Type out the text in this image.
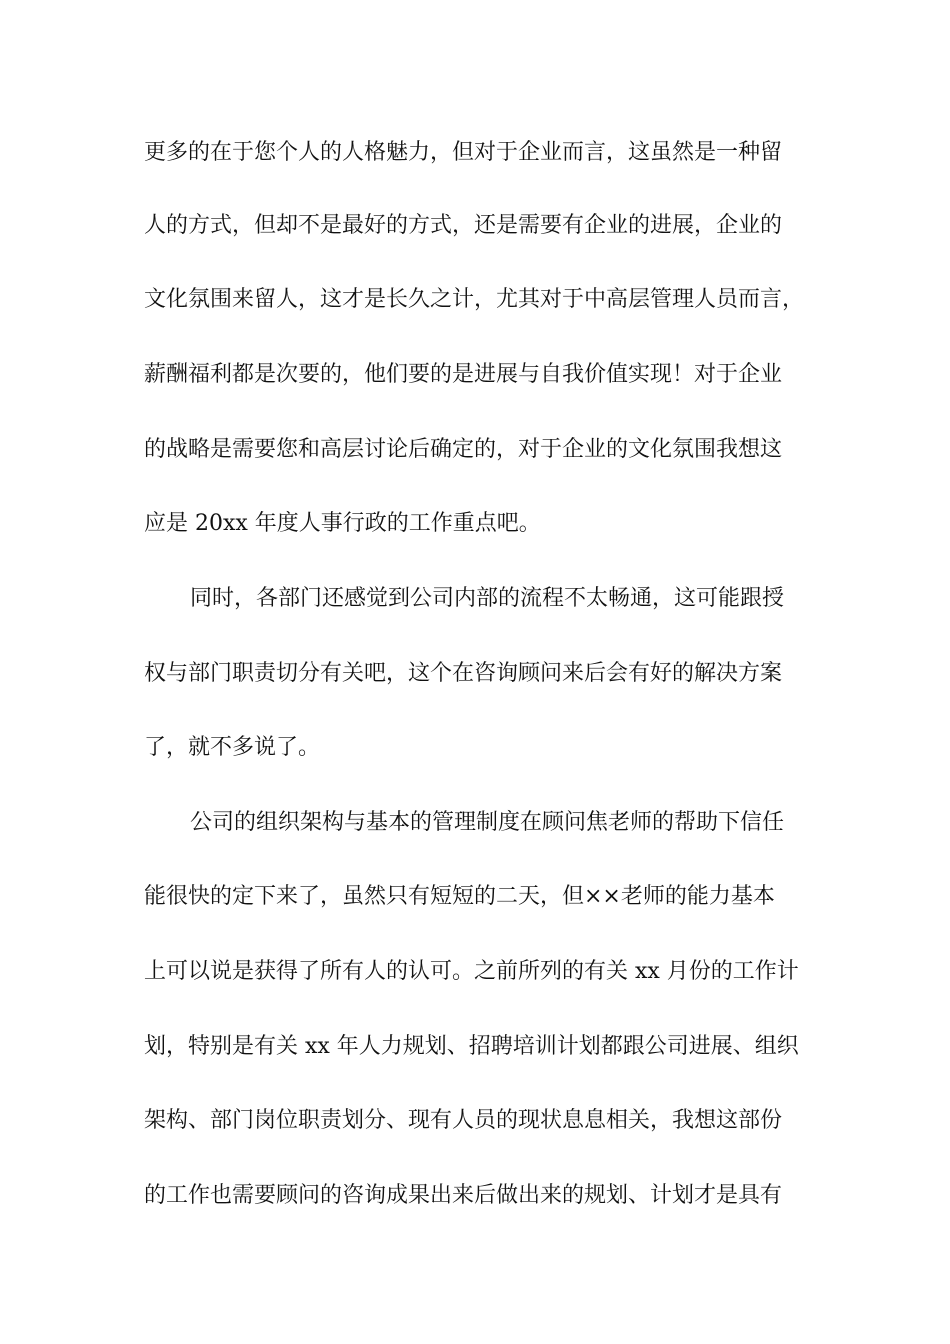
更多的在于您个人的人格魅力，但对于企业而言，这虽然是一种留
人的方式，但却不是最好的方式，还是需要有企业的进展，企业的
文化氛围来留人，这才是长久之计，尤其对于中高层管理人员而言，
薪酬福利都是次要的，他们要的是进展与自我价值实现！对于企业
的战略是需要您和高层讨论后确定的，对于企业的文化氛围我想这
应是 20xx 年度人事行政的工作重点吧。
同时，各部门还感觉到公司内部的流程不太畅通，这可能跟授
权与部门职责切分有关吧，这个在咨询顾问来后会有好的解决方案
了，就不多说了。
公司的组织架构与基本的管理制度在顾问焦老师的帮助下信任
能很快的定下来了，虽然只有短短的二天，但××老师的能力基本
上可以说是获得了所有人的认可。之前所列的有关 xx 月份的工作计
划，特别是有关 xx 年人力规划、招聘培训计划都跟公司进展、组织
架构、部门岗位职责划分、现有人员的现状息息相关，我想这部份
的工作也需要顾问的咨询成果出来后做出来的规划、计划才是具有
